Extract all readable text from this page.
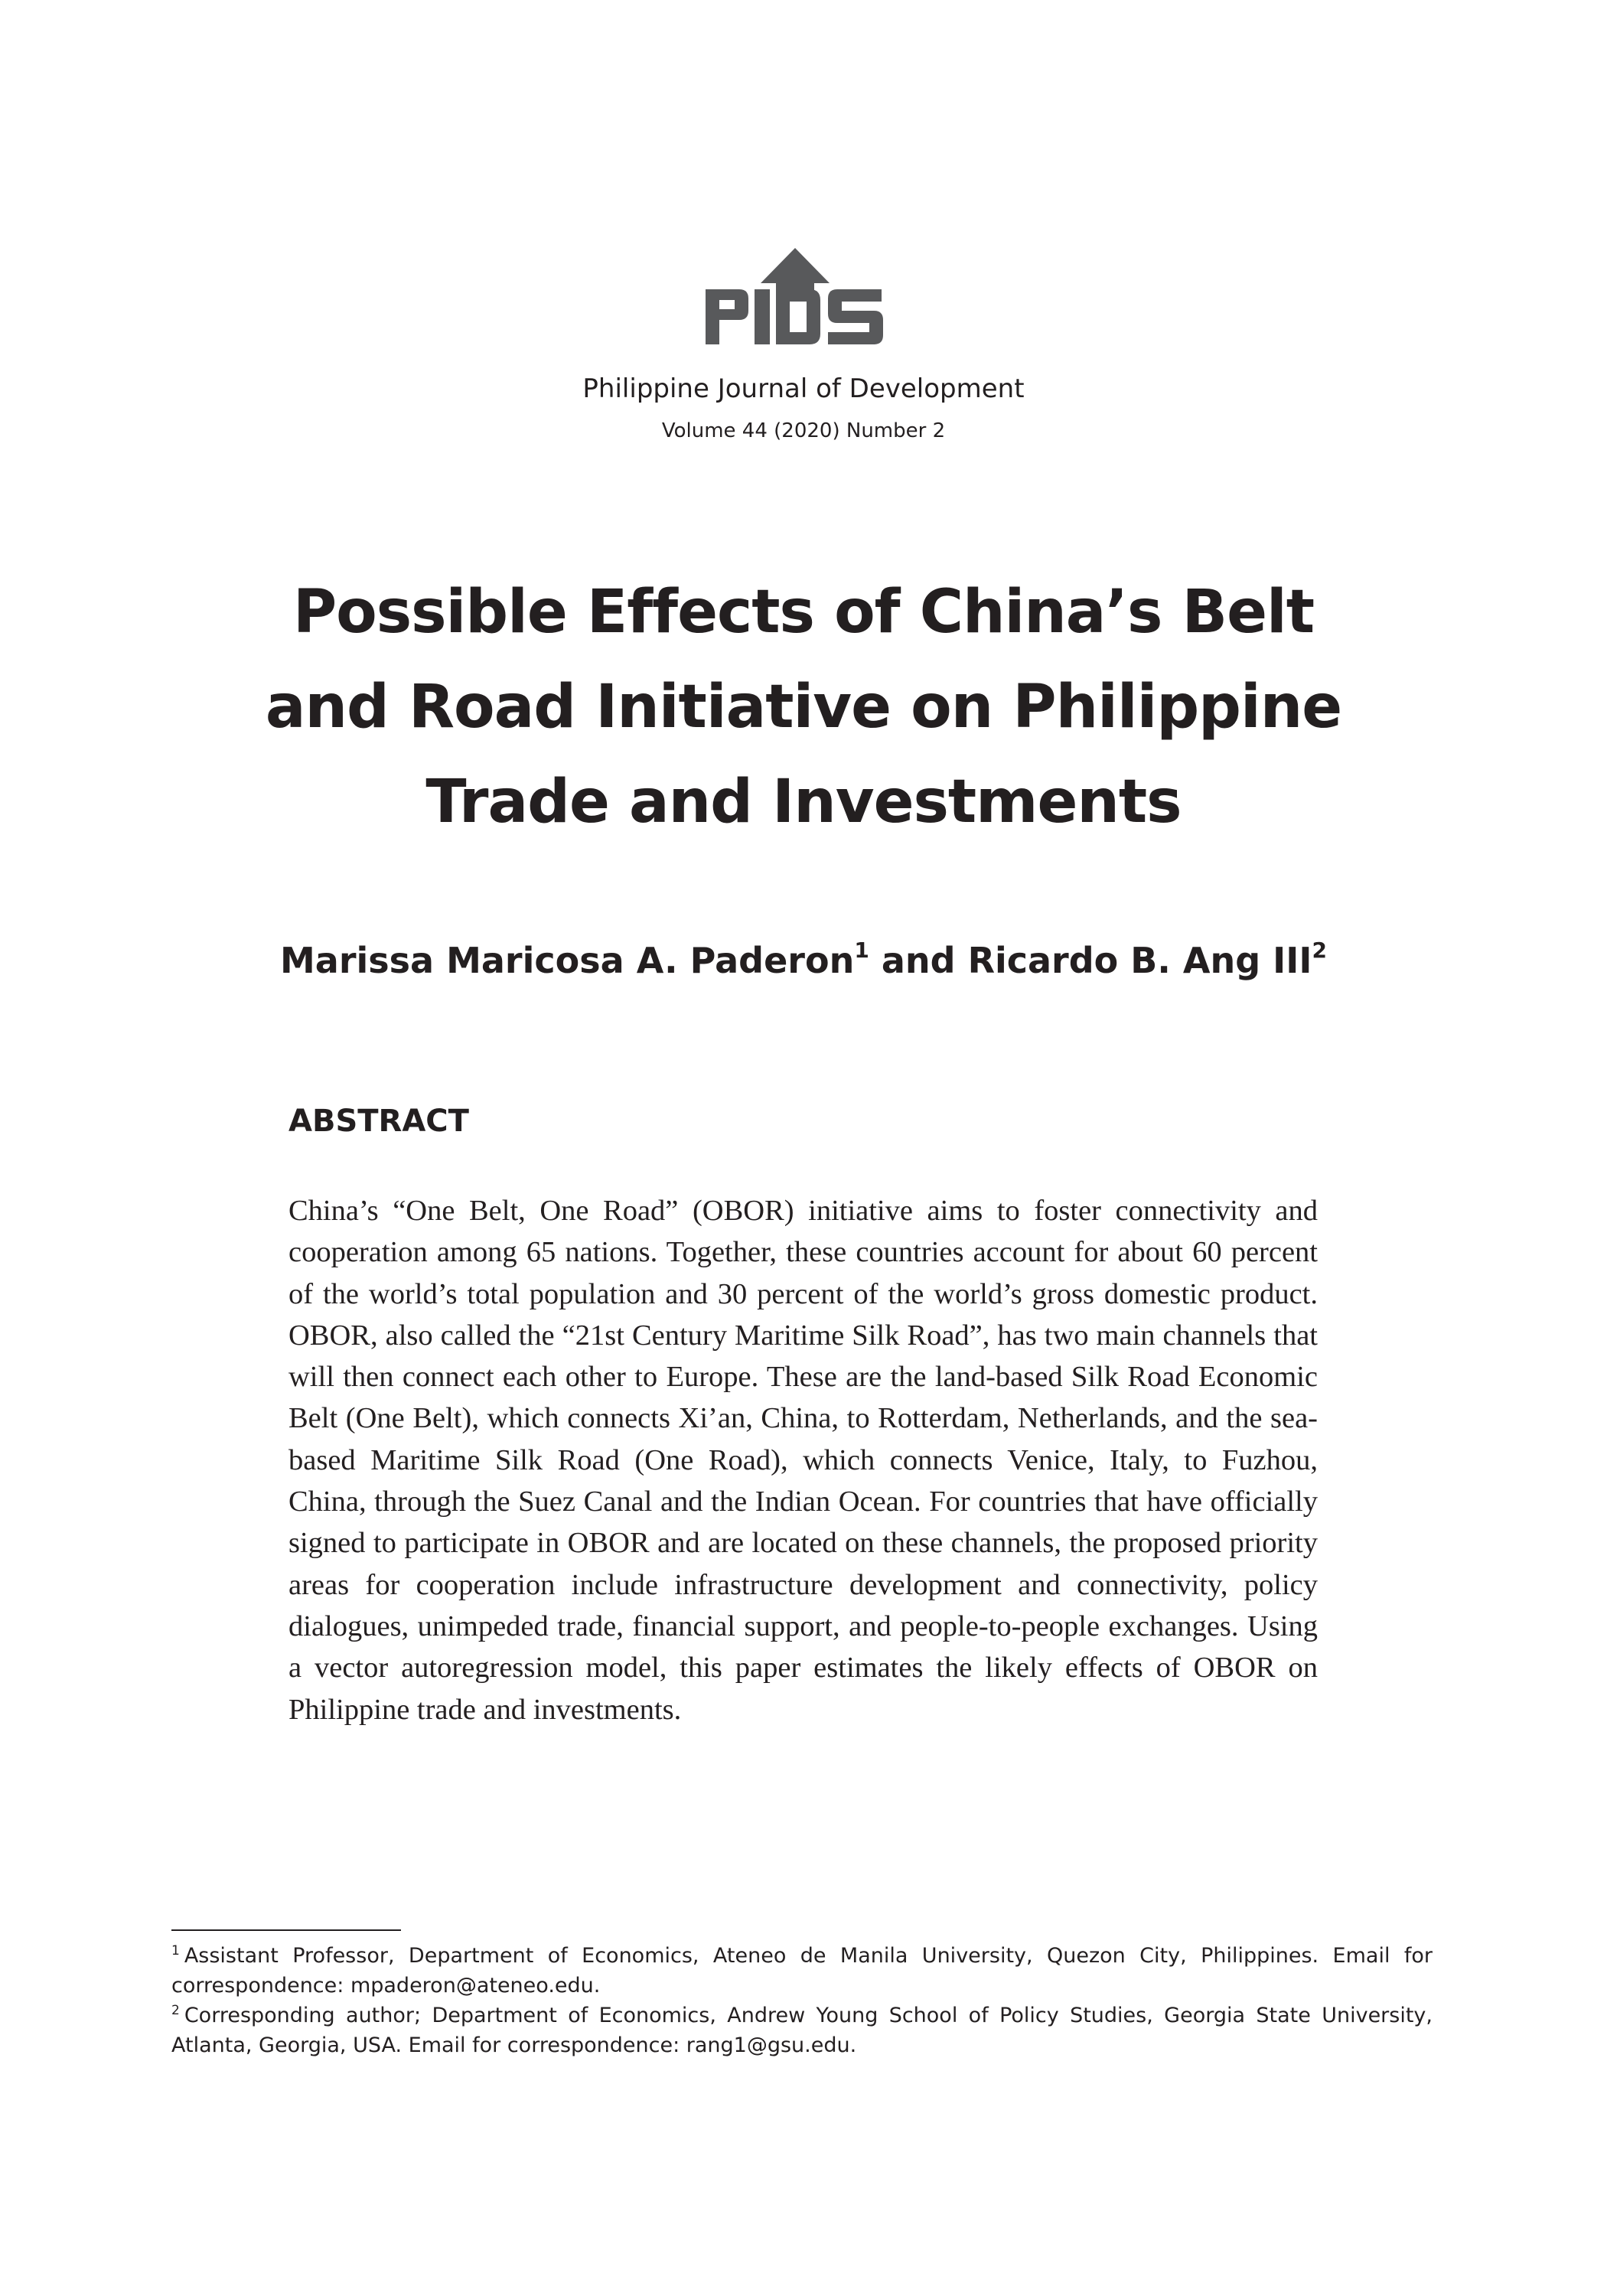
pids
Philippine Journal of Development
Volume 44 (2020) Number 2
Possible Effects of China’s Belt
and Road Initiative on Philippine
Trade and Investments
Marissa Maricosa A. Paderon$^1$ and Ricardo B. Ang III$^2$
ABSTRACT

China’s “One Belt, One Road” (OBOR) initiative aims to foster connectivity and cooperation among 65 nations. Together, these countries account for about 60 percent of the world’s total population and 30 percent of the world’s gross domestic product. OBOR, also called the “21st Century Maritime Silk Road”, has two main channels that will then connect each other to Europe. These are the land-based Silk Road Economic Belt (One Belt), which connects Xi’an, China, to Rotterdam, Netherlands, and the sea-based Maritime Silk Road (One Road), which connects Venice, Italy, to Fuzhou, China, through the Suez Canal and the Indian Ocean. For countries that have officially signed to participate in OBOR and are located on these channels, the proposed priority areas for cooperation include infrastructure development and connectivity, policy dialogues, unimpeded trade, financial support, and people-to-people exchanges. Using a vector autoregression model, this paper estimates the likely effects of OBOR on Philippine trade and investments.

$^1$ Assistant Professor, Department of Economics, Ateneo de Manila University, Quezon City, Philippines. Email for correspondence: mpaderon@ateneo.edu.

$^2$ Corresponding author; Department of Economics, Andrew Young School of Policy Studies, Georgia State University, Atlanta, Georgia, USA. Email for correspondence: rang1@gsu.edu.
